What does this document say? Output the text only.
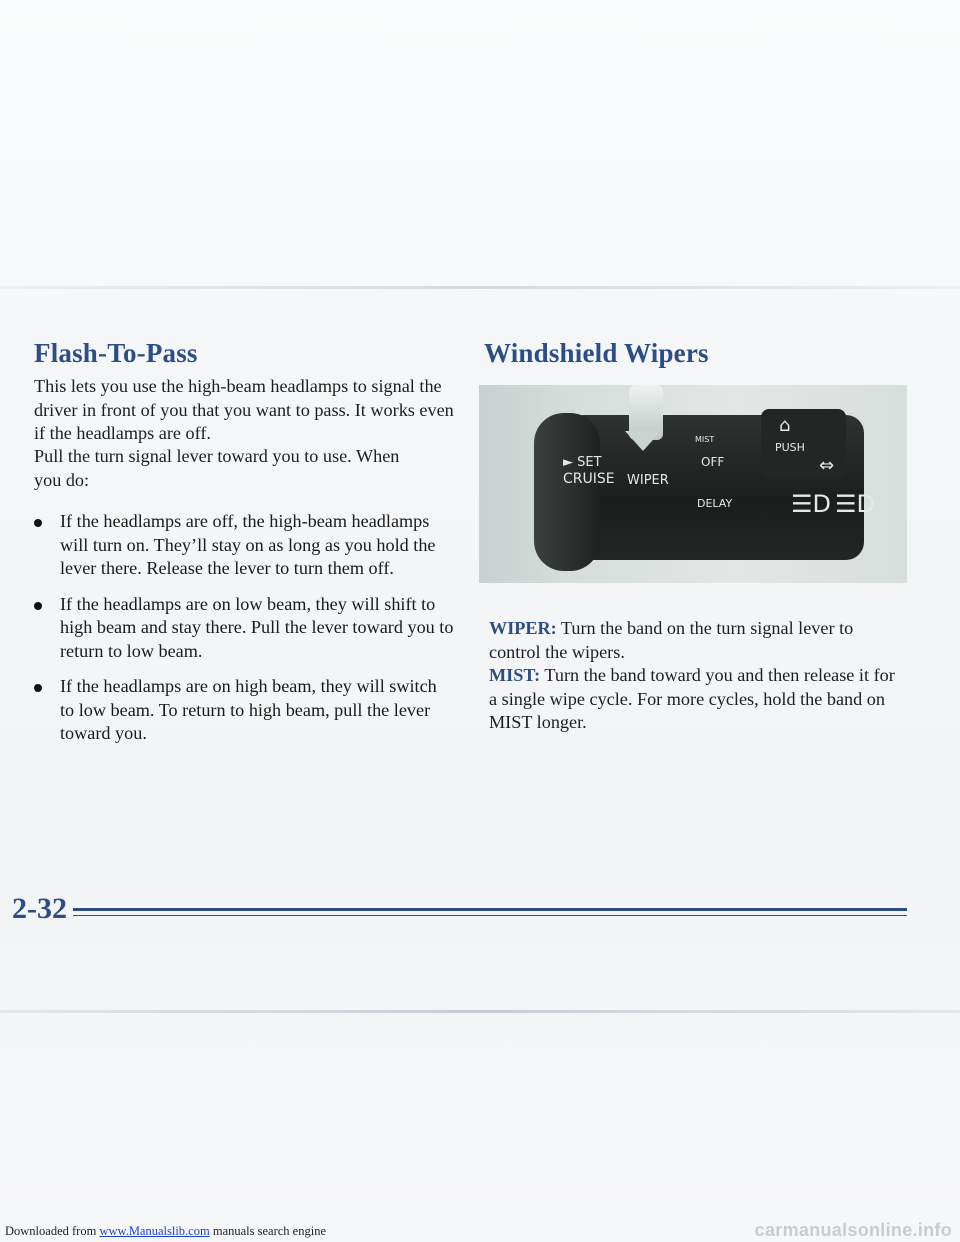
Flash-To-Pass

This lets you use the high-beam headlamps to signal the driver in front of you that you want to pass. It works even if the headlamps are off.

Pull the turn signal lever toward you to use. When you do:

If the headlamps are off, the high-beam headlamps will turn on. They’ll stay on as long as you hold the lever there. Release the lever to turn them off.
If the headlamps are on low beam, they will shift to high beam and stay there. Pull the lever toward you to return to low beam.
If the headlamps are on high beam, they will switch to low beam. To return to high beam, pull the lever toward you.
Windshield Wipers
► SET
CRUISE WIPER
OFF
MIST
DELAY
PUSH
⌂
⇔
☰D ☰D

WIPER: Turn the band on the turn signal lever to control the wipers.

MIST: Turn the band toward you and then release it for a single wipe cycle. For more cycles, hold the band on MIST longer.

2-32

Downloaded from www.Manualslib.com manuals search engine	carmanualsonline.info
